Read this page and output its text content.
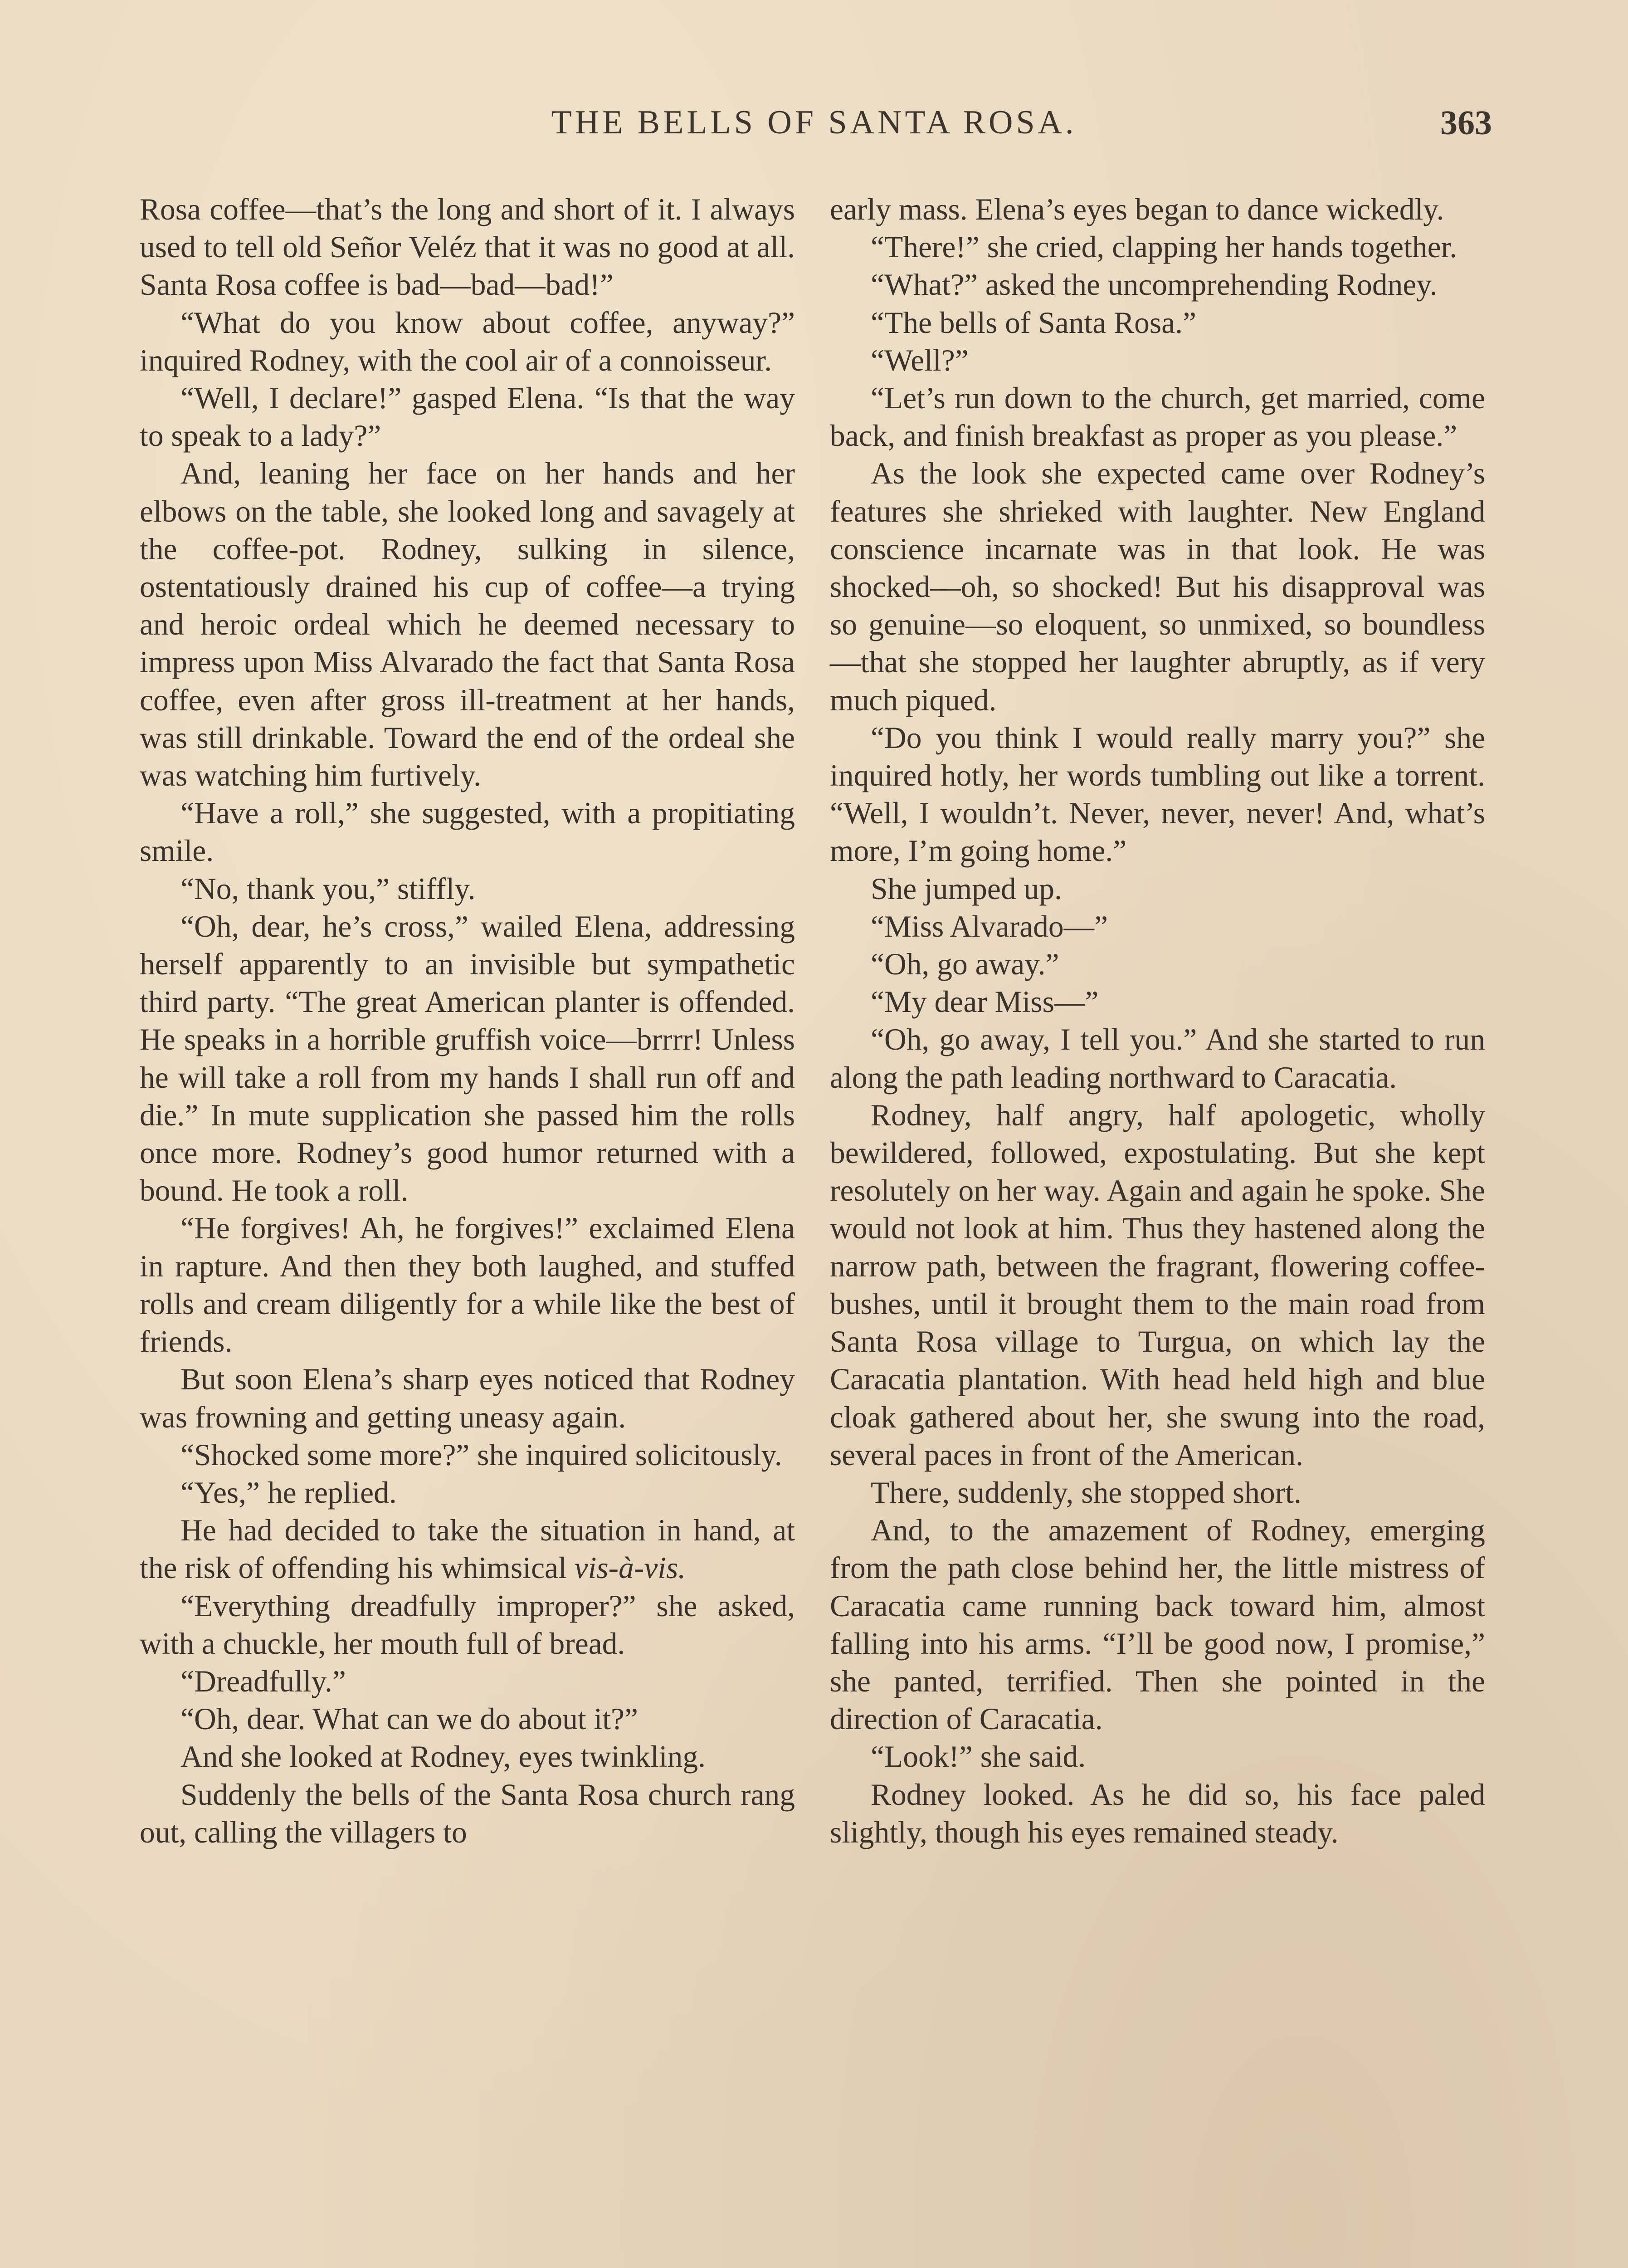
THE BELLS OF SANTA ROSA.	363

Rosa coffee—that’s the long and short of it. I always used to tell old Señor Veléz that it was no good at all. Santa Rosa coffee is bad—bad—bad!”

“What do you know about coffee, anyway?” inquired Rodney, with the cool air of a connoisseur.

“Well, I declare!” gasped Elena. “Is that the way to speak to a lady?”

And, leaning her face on her hands and her elbows on the table, she looked long and savagely at the coffee-pot. Rodney, sulking in silence, ostentatiously drained his cup of coffee—a trying and heroic ordeal which he deemed necessary to impress upon Miss Alvarado the fact that Santa Rosa coffee, even after gross ill-treatment at her hands, was still drinkable. Toward the end of the ordeal she was watching him furtively.

“Have a roll,” she suggested, with a propitiating smile.

“No, thank you,” stiffly.

“Oh, dear, he’s cross,” wailed Elena, addressing herself apparently to an invisible but sympathetic third party. “The great American planter is offended. He speaks in a horrible gruffish voice—brrrr! Unless he will take a roll from my hands I shall run off and die.” In mute supplication she passed him the rolls once more. Rodney’s good humor returned with a bound. He took a roll.

“He forgives! Ah, he forgives!” exclaimed Elena in rapture. And then they both laughed, and stuffed rolls and cream diligently for a while like the best of friends.

But soon Elena’s sharp eyes noticed that Rodney was frowning and getting uneasy again.

“Shocked some more?” she inquired solicitously.

“Yes,” he replied.

He had decided to take the situation in hand, at the risk of offending his whimsical vis-à-vis.

“Everything dreadfully improper?” she asked, with a chuckle, her mouth full of bread.

“Dreadfully.”

“Oh, dear. What can we do about it?”

And she looked at Rodney, eyes twinkling.

Suddenly the bells of the Santa Rosa church rang out, calling the villagers to

early mass. Elena’s eyes began to dance wickedly.

“There!” she cried, clapping her hands together.

“What?” asked the uncomprehending Rodney.

“The bells of Santa Rosa.”

“Well?”

“Let’s run down to the church, get married, come back, and finish breakfast as proper as you please.”

As the look she expected came over Rodney’s features she shrieked with laughter. New England conscience incarnate was in that look. He was shocked—oh, so shocked! But his disapproval was so genuine—so eloquent, so unmixed, so boundless—that she stopped her laughter abruptly, as if very much piqued.

“Do you think I would really marry you?” she inquired hotly, her words tumbling out like a torrent. “Well, I wouldn’t. Never, never, never! And, what’s more, I’m going home.”

She jumped up.

“Miss Alvarado—”

“Oh, go away.”

“My dear Miss—”

“Oh, go away, I tell you.” And she started to run along the path leading northward to Caracatia.

Rodney, half angry, half apologetic, wholly bewildered, followed, expostulating. But she kept resolutely on her way. Again and again he spoke. She would not look at him. Thus they hastened along the narrow path, between the fragrant, flowering coffee-bushes, until it brought them to the main road from Santa Rosa village to Turgua, on which lay the Caracatia plantation. With head held high and blue cloak gathered about her, she swung into the road, several paces in front of the American.

There, suddenly, she stopped short.

And, to the amazement of Rodney, emerging from the path close behind her, the little mistress of Caracatia came running back toward him, almost falling into his arms. “I’ll be good now, I promise,” she panted, terrified. Then she pointed in the direction of Caracatia.

“Look!” she said.

Rodney looked. As he did so, his face paled slightly, though his eyes remained steady.
